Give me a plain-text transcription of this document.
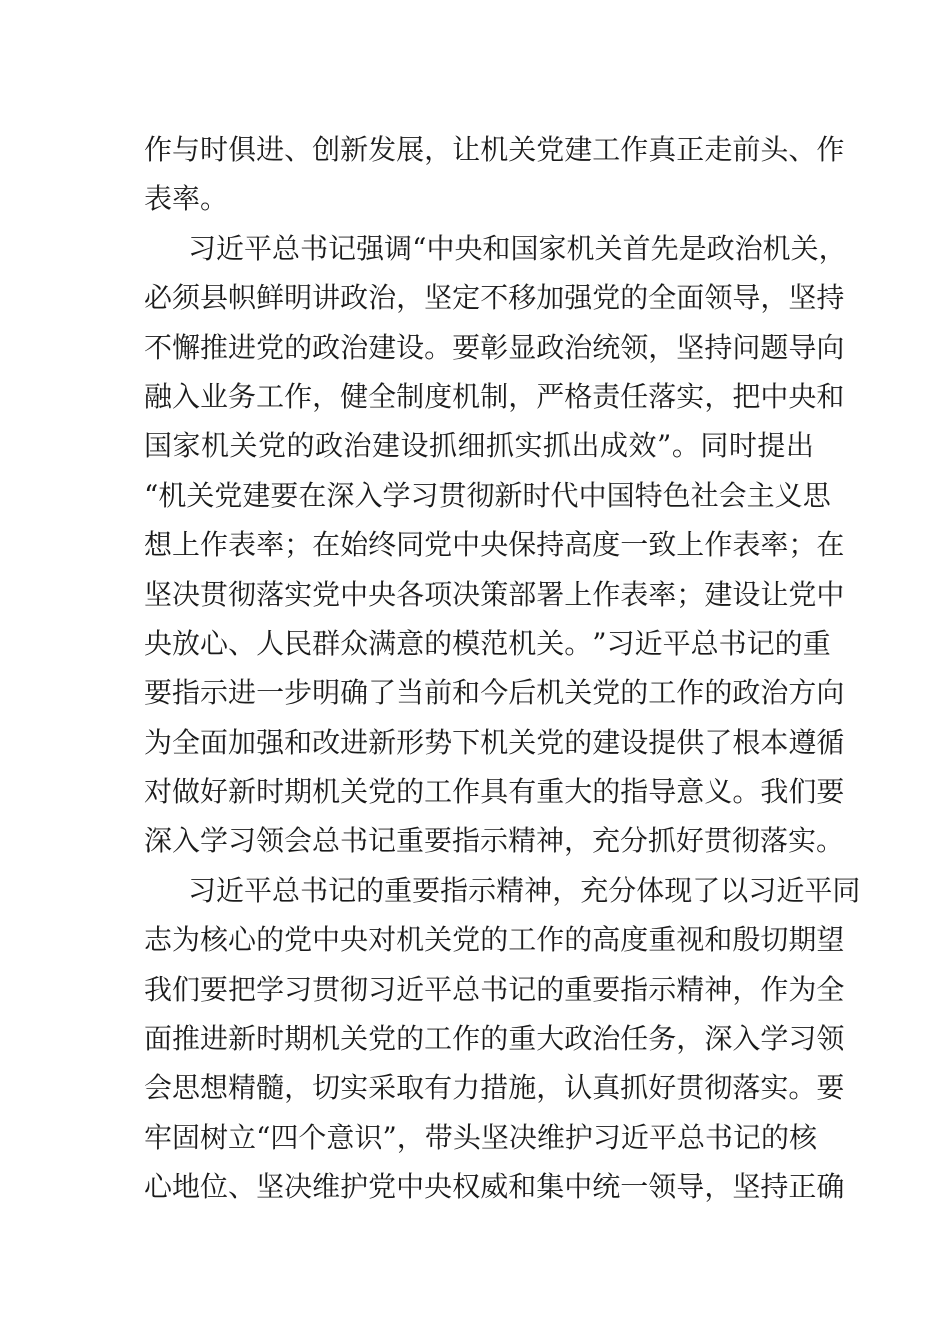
作 与 时 俱 进 、 创 新 发 展 ， 让 机 关 党 建 工 作 真 正 走 前 头 、 作
表率。
习 近 平 总 书 记 强 调 “ 中 央 和 国 家 机 关 首 先 是 政 治 机 关 ，
必 须 县 帜 鲜 明 讲 政 治 ， 坚 定 不 移 加 强 党 的 全 面 领 导 ， 坚 持
不 懈 推 进 党 的 政 治 建 设 。 要 彰 显 政 治 统 领 ， 坚 持 问 题 导 向
融 入 业 务 工 作 ， 健 全 制 度 机 制 ， 严 格 责 任 落 实 ， 把 中 央 和
国 家 机 关 党 的 政 治 建 设 抓 细 抓 实 抓 出 成 效 ” 。 同 时 提 出
“ 机 关 党 建 要 在 深 入 学 习 贯 彻 新 时 代 中 国 特 色 社 会 主 义 思
想 上 作 表 率 ； 在 始 终 同 党 中 央 保 持 高 度 一 致 上 作 表 率 ； 在
坚 决 贯 彻 落 实 党 中 央 各 项 决 策 部 署 上 作 表 率 ； 建 设 让 党 中
央 放 心 、 人 民 群 众 满 意 的 模 范 机 关 。 ” 习 近 平 总 书 记 的 重
要 指 示 进 一 步 明 确 了 当 前 和 今 后 机 关 党 的 工 作 的 政 治 方 向
为 全 面 加 强 和 改 进 新 形 势 下 机 关 党 的 建 设 提 供 了 根 本 遵 循
对 做 好 新 时 期 机 关 党 的 工 作 具 有 重 大 的 指 导 意 义 。 我 们 要
深入学习领会总书记重要指示精神，充分抓好贯彻落实。
习 近 平 总 书 记 的 重 要 指 示 精 神 ， 充 分 体 现 了 以 习 近 平 同
志 为 核 心 的 党 中 央 对 机 关 党 的 工 作 的 高 度 重 视 和 殷 切 期 望
我 们 要 把 学 习 贯 彻 习 近 平 总 书 记 的 重 要 指 示 精 神 ， 作 为 全
面 推 进 新 时 期 机 关 党 的 工 作 的 重 大 政 治 任 务 ， 深 入 学 习 领
会 思 想 精 髓 ， 切 实 采 取 有 力 措 施 ， 认 真 抓 好 贯 彻 落 实 。 要
牢 固 树 立 “ 四 个 意 识 ” ， 带 头 坚 决 维 护 习 近 平 总 书 记 的 核
心 地 位 、 坚 决 维 护 党 中 央 权 威 和 集 中 统 一 领 导 ， 坚 持 正 确
